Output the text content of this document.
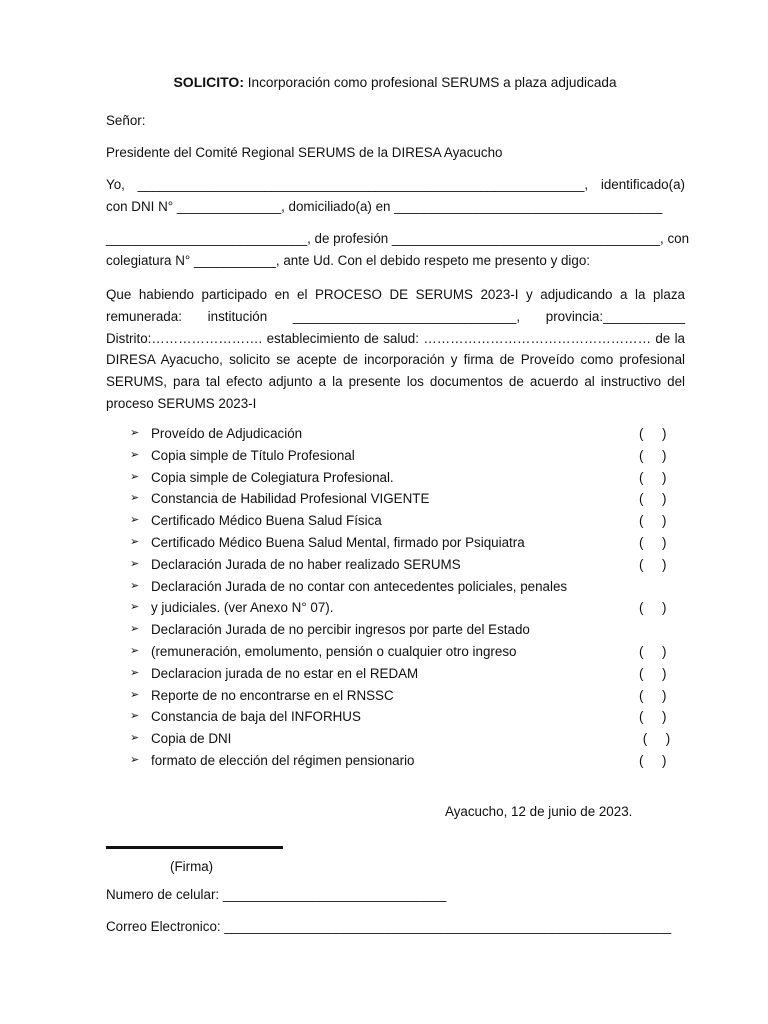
SOLICITO: Incorporación como profesional SERUMS a plaza adjudicada
Señor:
Presidente del Comité Regional SERUMS de la DIRESA Ayacucho
Yo, ____________________________________________________________, identificado(a)
con DNI N° ______________, domiciliado(a) en ____________________________________
___________________________, de profesión ____________________________________, con
colegiatura N° ___________, ante Ud. Con el debido respeto me presento y digo:
Que habiendo participado en el PROCESO DE SERUMS 2023-I y adjudicando a la plaza
remunerada: institución ______________________________, provincia:___________
Distrito:……………………. establecimiento de salud: …………………………………………… de la
DIRESA Ayacucho, solicito se acepte de incorporación y firma de Proveído como profesional
SERUMS, para tal efecto adjunto a la presente los documentos de acuerdo al instructivo del
proceso SERUMS 2023-I
➢ Proveído de Adjudicación	(     )
➢ Copia simple de Título Profesional	(     )
➢ Copia simple de Colegiatura Profesional.	(     )
➢ Constancia de Habilidad Profesional VIGENTE	(     )
➢ Certificado Médico Buena Salud Física	(     )
➢ Certificado Médico Buena Salud Mental, firmado por Psiquiatra	(     )
➢ Declaración Jurada de no haber realizado SERUMS	(     )
➢ Declaración Jurada de no contar con antecedentes policiales, penales
➢ y judiciales. (ver Anexo N° 07).	(     )
➢ Declaración Jurada de no percibir ingresos por parte del Estado
➢ (remuneración, emolumento, pensión o cualquier otro ingreso	(     )
➢ Declaracion jurada de no estar en el REDAM	(     )
➢ Reporte de no encontrarse en el RNSSC	(     )
➢ Constancia de baja del INFORHUS	(     )
➢ Copia de DNI	(     )
➢ formato de elección del régimen pensionario	(     )
Ayacucho, 12 de junio de 2023.
(Firma)
Numero de celular: ______________________________
Correo Electronico: ____________________________________________________________
